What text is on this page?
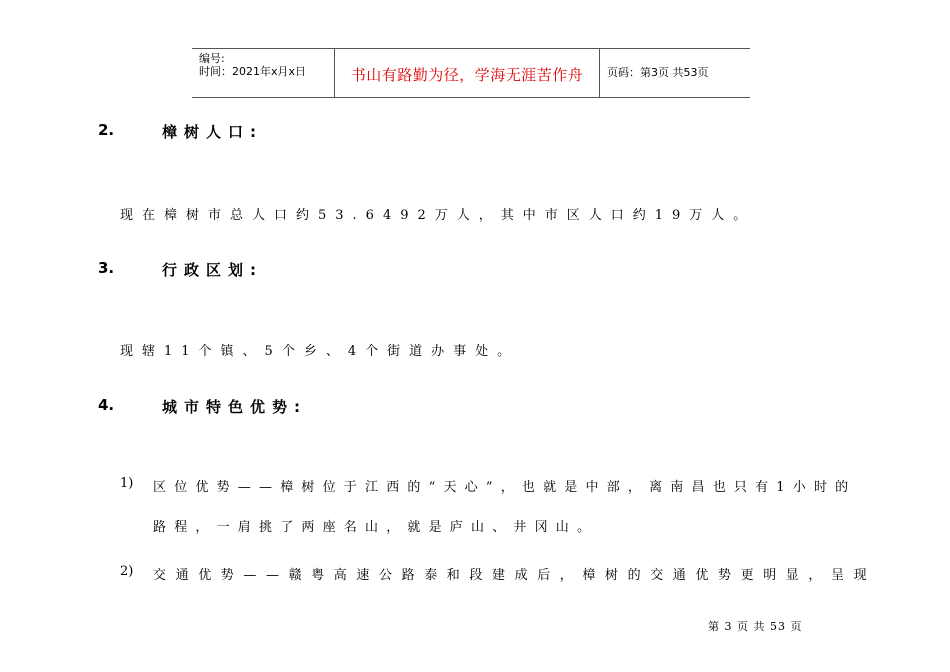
编号:
时间：2021年x月x日	书山有路勤为径，学海无涯苦作舟	页码：第3页 共53页
2.	樟树人口:
现在樟树市总人口约53.6492万人，其中市区人口约19万人。
3.	行政区划:
现辖11个镇、5个乡、4个街道办事处。
4.	城市特色优势:
1) 区位优势——樟树位于江西的“天心”，也就是中部，离南昌也只有1小时的
路程，一肩挑了两座名山，就是庐山、井冈山。
2) 交通优势——赣粤高速公路泰和段建成后，樟树的交通优势更明显，呈现
第 3 页 共 53 页
